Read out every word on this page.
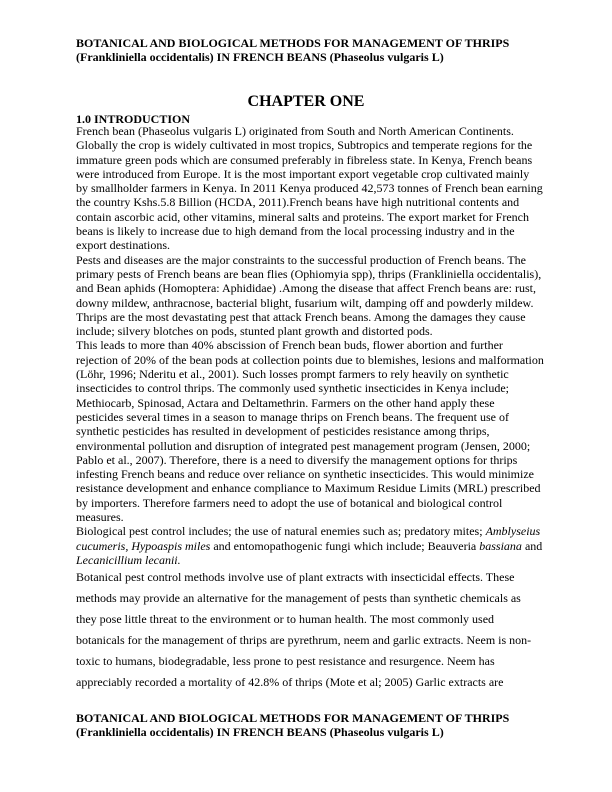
BOTANICAL AND BIOLOGICAL METHODS FOR MANAGEMENT OF THRIPS
(Frankliniella occidentalis) IN FRENCH BEANS (Phaseolus vulgaris L)
CHAPTER ONE
1.0 INTRODUCTION
French bean (Phaseolus vulgaris L) originated from South and North American Continents.
Globally the crop is widely cultivated in most tropics, Subtropics and temperate regions for the
immature green pods which are consumed preferably in fibreless state. In Kenya, French beans
were introduced from Europe. It is the most important export vegetable crop cultivated mainly
by smallholder farmers in Kenya. In 2011 Kenya produced 42,573 tonnes of French bean earning
the country Kshs.5.8 Billion (HCDA, 2011).French beans have high nutritional contents and
contain ascorbic acid, other vitamins, mineral salts and proteins. The export market for French
beans is likely to increase due to high demand from the local processing industry and in the
export destinations.
Pests and diseases are the major constraints to the successful production of French beans. The
primary pests of French beans are bean flies (Ophiomyia spp), thrips (Frankliniella occidentalis),
and Bean aphids (Homoptera: Aphididae) .Among the disease that affect French beans are: rust,
downy mildew, anthracnose, bacterial blight, fusarium wilt, damping off and powderly mildew.
Thrips are the most devastating pest that attack French beans. Among the damages they cause
include; silvery blotches on pods, stunted plant growth and distorted pods.
This leads to more than 40% abscission of French bean buds, flower abortion and further
rejection of 20% of the bean pods at collection points due to blemishes, lesions and malformation
(Löhr, 1996; Nderitu et al., 2001). Such losses prompt farmers to rely heavily on synthetic
insecticides to control thrips. The commonly used synthetic insecticides in Kenya include;
Methiocarb, Spinosad, Actara and Deltamethrin. Farmers on the other hand apply these
pesticides several times in a season to manage thrips on French beans. The frequent use of
synthetic pesticides has resulted in development of pesticides resistance among thrips,
environmental pollution and disruption of integrated pest management program (Jensen, 2000;
Pablo et al., 2007). Therefore, there is a need to diversify the management options for thrips
infesting French beans and reduce over reliance on synthetic insecticides. This would minimize
resistance development and enhance compliance to Maximum Residue Limits (MRL) prescribed
by importers. Therefore farmers need to adopt the use of botanical and biological control
measures.
Biological pest control includes; the use of natural enemies such as; predatory mites; Amblyseius
cucumeris, Hypoaspis miles and entomopathogenic fungi which include; Beauveria bassiana and
Lecanicillium lecanii.
Botanical pest control methods involve use of plant extracts with insecticidal effects. These
methods may provide an alternative for the management of pests than synthetic chemicals as
they pose little threat to the environment or to human health. The most commonly used
botanicals for the management of thrips are pyrethrum, neem and garlic extracts. Neem is non-
toxic to humans, biodegradable, less prone to pest resistance and resurgence. Neem has
appreciably recorded a mortality of 42.8% of thrips (Mote et al; 2005) Garlic extracts are
BOTANICAL AND BIOLOGICAL METHODS FOR MANAGEMENT OF THRIPS
(Frankliniella occidentalis) IN FRENCH BEANS (Phaseolus vulgaris L)
